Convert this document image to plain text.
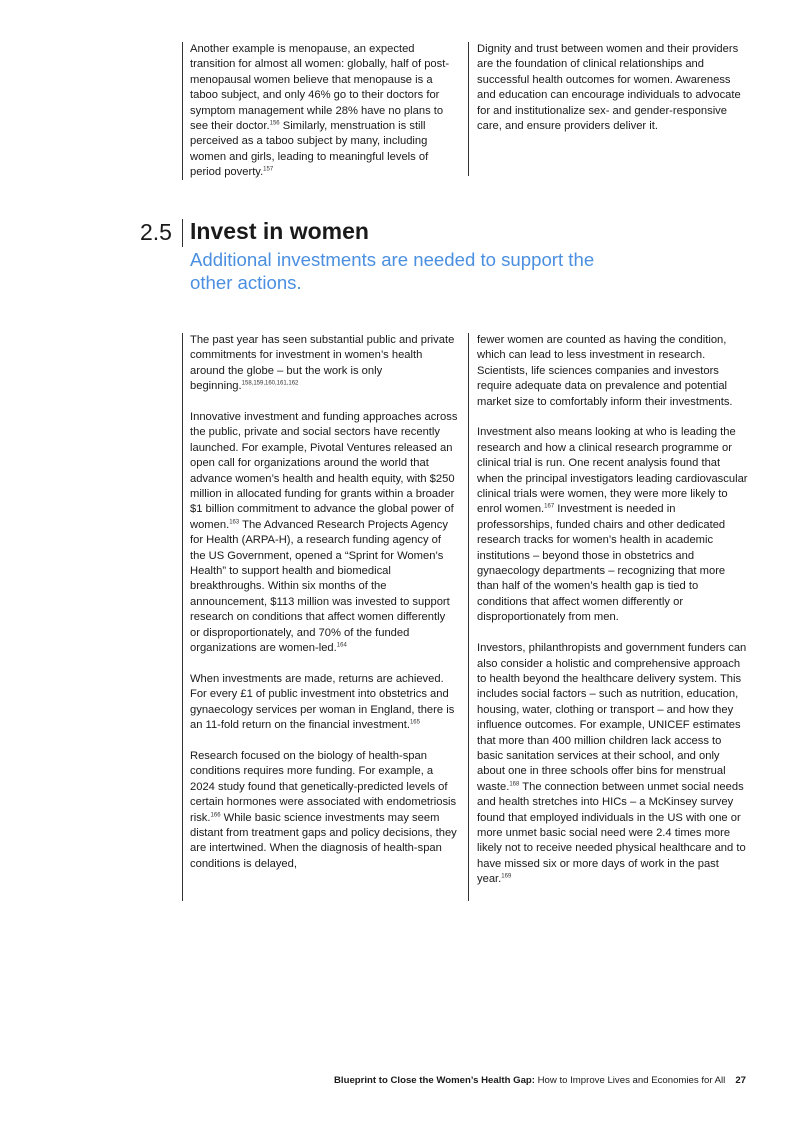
Another example is menopause, an expected transition for almost all women: globally, half of post-menopausal women believe that menopause is a taboo subject, and only 46% go to their doctors for symptom management while 28% have no plans to see their doctor.$^{156}$ Similarly, menstruation is still perceived as a taboo subject by many, including women and girls, leading to meaningful levels of period poverty.$^{157}$

Dignity and trust between women and their providers are the foundation of clinical relationships and successful health outcomes for women. Awareness and education can encourage individuals to advocate for and institutionalize sex- and gender-responsive care, and ensure providers deliver it.

2.5 Invest in women
Additional investments are needed to support the other actions.

The past year has seen substantial public and private commitments for investment in women’s health around the globe – but the work is only beginning.$^{158,159,160,161,162}$

Innovative investment and funding approaches across the public, private and social sectors have recently launched. For example, Pivotal Ventures released an open call for organizations around the world that advance women’s health and health equity, with $250 million in allocated funding for grants within a broader $1 billion commitment to advance the global power of women.$^{163}$ The Advanced Research Projects Agency for Health (ARPA-H), a research funding agency of the US Government, opened a “Sprint for Women’s Health” to support health and biomedical breakthroughs. Within six months of the announcement, $113 million was invested to support research on conditions that affect women differently or disproportionately, and 70% of the funded organizations are women-led.$^{164}$

When investments are made, returns are achieved. For every £1 of public investment into obstetrics and gynaecology services per woman in England, there is an 11-fold return on the financial investment.$^{165}$

Research focused on the biology of health-span conditions requires more funding. For example, a 2024 study found that genetically-predicted levels of certain hormones were associated with endometriosis risk.$^{166}$ While basic science investments may seem distant from treatment gaps and policy decisions, they are intertwined. When the diagnosis of health-span conditions is delayed,

fewer women are counted as having the condition, which can lead to less investment in research. Scientists, life sciences companies and investors require adequate data on prevalence and potential market size to comfortably inform their investments.

Investment also means looking at who is leading the research and how a clinical research programme or clinical trial is run. One recent analysis found that when the principal investigators leading cardiovascular clinical trials were women, they were more likely to enrol women.$^{167}$ Investment is needed in professorships, funded chairs and other dedicated research tracks for women’s health in academic institutions – beyond those in obstetrics and gynaecology departments – recognizing that more than half of the women’s health gap is tied to conditions that affect women differently or disproportionately from men.

Investors, philanthropists and government funders can also consider a holistic and comprehensive approach to health beyond the healthcare delivery system. This includes social factors – such as nutrition, education, housing, water, clothing or transport – and how they influence outcomes. For example, UNICEF estimates that more than 400 million children lack access to basic sanitation services at their school, and only about one in three schools offer bins for menstrual waste.$^{168}$ The connection between unmet social needs and health stretches into HICs – a McKinsey survey found that employed individuals in the US with one or more unmet basic social need were 2.4 times more likely not to receive needed physical healthcare and to have missed six or more days of work in the past year.$^{169}$

Blueprint to Close the Women’s Health Gap: How to Improve Lives and Economies for All 27
